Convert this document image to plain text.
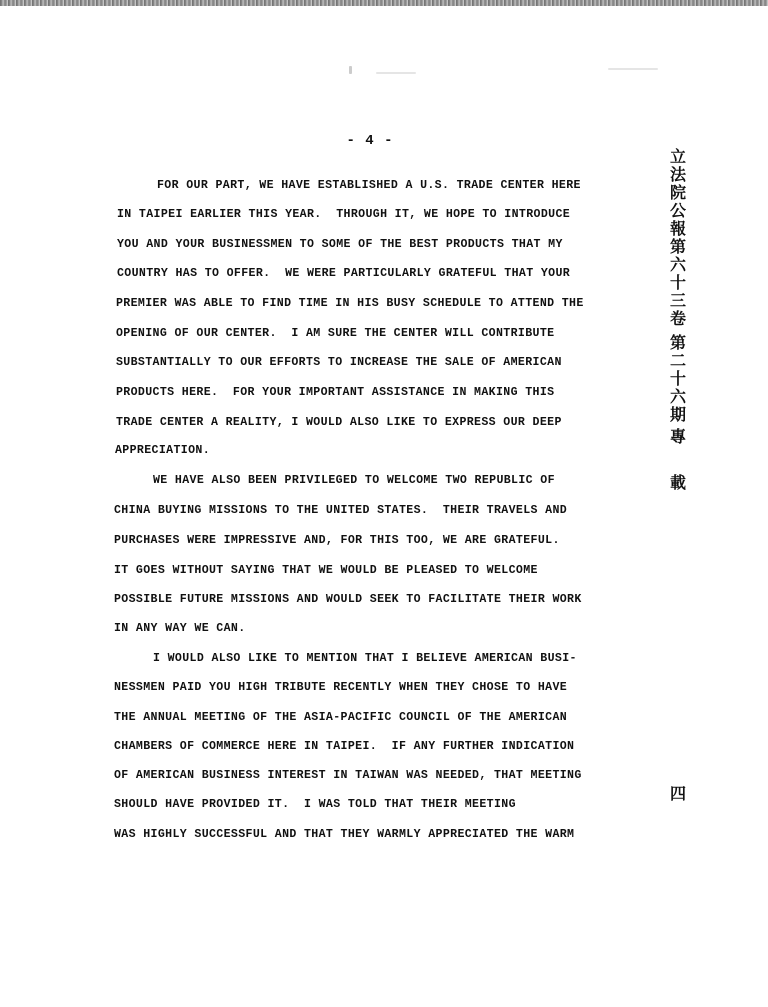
- 4 -
FOR OUR PART, WE HAVE ESTABLISHED A U.S. TRADE CENTER HERE
IN TAIPEI EARLIER THIS YEAR.  THROUGH IT, WE HOPE TO INTRODUCE
YOU AND YOUR BUSINESSMEN TO SOME OF THE BEST PRODUCTS THAT MY
COUNTRY HAS TO OFFER.  WE WERE PARTICULARLY GRATEFUL THAT YOUR
PREMIER WAS ABLE TO FIND TIME IN HIS BUSY SCHEDULE TO ATTEND THE
OPENING OF OUR CENTER.  I AM SURE THE CENTER WILL CONTRIBUTE
SUBSTANTIALLY TO OUR EFFORTS TO INCREASE THE SALE OF AMERICAN
PRODUCTS HERE.  FOR YOUR IMPORTANT ASSISTANCE IN MAKING THIS
TRADE CENTER A REALITY, I WOULD ALSO LIKE TO EXPRESS OUR DEEP
APPRECIATION.
WE HAVE ALSO BEEN PRIVILEGED TO WELCOME TWO REPUBLIC OF
CHINA BUYING MISSIONS TO THE UNITED STATES.  THEIR TRAVELS AND
PURCHASES WERE IMPRESSIVE AND, FOR THIS TOO, WE ARE GRATEFUL.
IT GOES WITHOUT SAYING THAT WE WOULD BE PLEASED TO WELCOME
POSSIBLE FUTURE MISSIONS AND WOULD SEEK TO FACILITATE THEIR WORK
IN ANY WAY WE CAN.
I WOULD ALSO LIKE TO MENTION THAT I BELIEVE AMERICAN BUSI-
NESSMEN PAID YOU HIGH TRIBUTE RECENTLY WHEN THEY CHOSE TO HAVE
THE ANNUAL MEETING OF THE ASIA-PACIFIC COUNCIL OF THE AMERICAN
CHAMBERS OF COMMERCE HERE IN TAIPEI.  IF ANY FURTHER INDICATION
OF AMERICAN BUSINESS INTEREST IN TAIWAN WAS NEEDED, THAT MEETING
SHOULD HAVE PROVIDED IT.  I WAS TOLD THAT THEIR MEETING
WAS HIGHLY SUCCESSFUL AND THAT THEY WARMLY APPRECIATED THE WARM
立
法
院
公
報
第
六
十
三
卷
第
二
十
六
期
專
載
四
